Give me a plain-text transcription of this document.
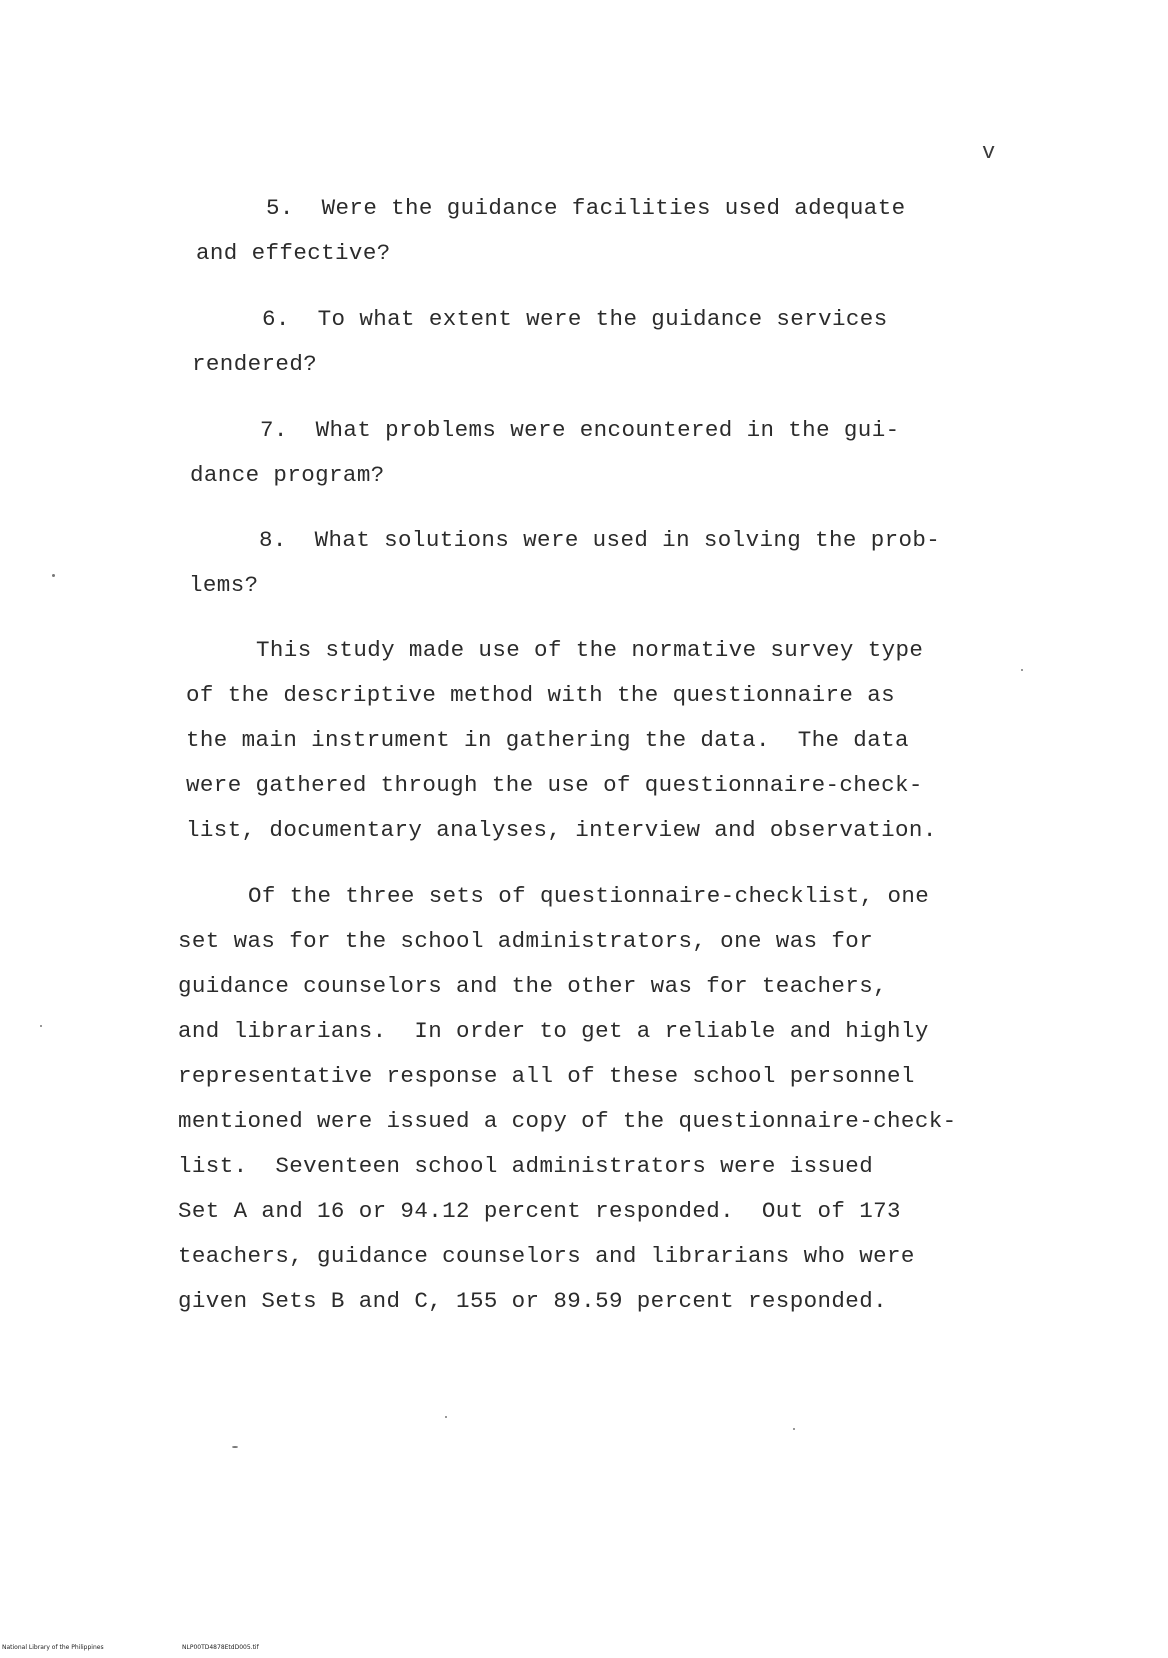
v
5.  Were the guidance facilities used adequate
and effective?
6.  To what extent were the guidance services
rendered?
7.  What problems were encountered in the gui-
dance program?
8.  What solutions were used in solving the prob-
lems?
This study made use of the normative survey type
of the descriptive method with the questionnaire as
the main instrument in gathering the data.  The data
were gathered through the use of questionnaire-check-
list, documentary analyses, interview and observation.
Of the three sets of questionnaire-checklist, one
set was for the school administrators, one was for
guidance counselors and the other was for teachers,
and librarians.  In order to get a reliable and highly
representative response all of these school personnel
mentioned were issued a copy of the questionnaire-check-
list.  Seventeen school administrators were issued
Set A and 16 or 94.12 percent responded.  Out of 173
teachers, guidance counselors and librarians who were
given Sets B and C, 155 or 89.59 percent responded.
National Library of the Philippines	NLP00TD4878EtdD005.tif
